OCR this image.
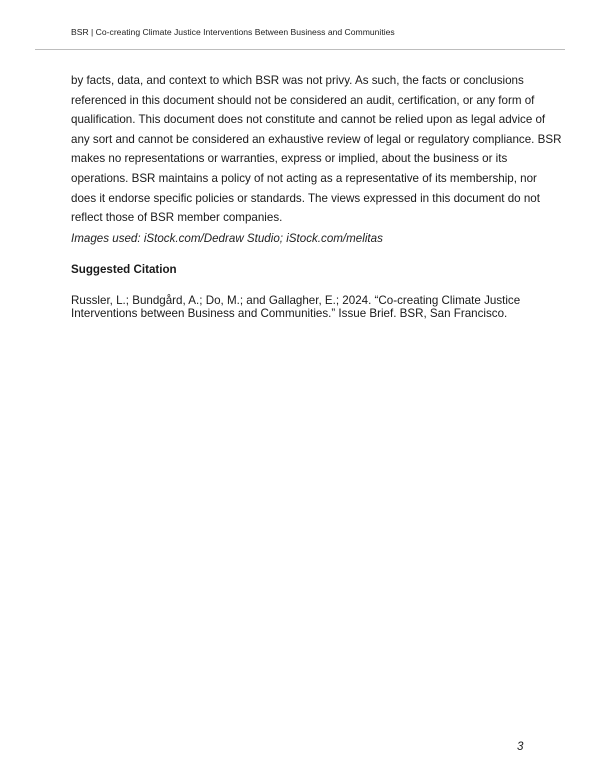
BSR | Co-creating Climate Justice Interventions Between Business and Communities

by facts, data, and context to which BSR was not privy. As such, the facts or conclusions
referenced in this document should not be considered an audit, certification, or any form of
qualification. This document does not constitute and cannot be relied upon as legal advice of
any sort and cannot be considered an exhaustive review of legal or regulatory compliance. BSR
makes no representations or warranties, express or implied, about the business or its
operations. BSR maintains a policy of not acting as a representative of its membership, nor
does it endorse specific policies or standards. The views expressed in this document do not
reflect those of BSR member companies.

Images used: iStock.com/Dedraw Studio; iStock.com/melitas

Suggested Citation

Russler, L.; Bundgård, A.; Do, M.; and Gallagher, E.; 2024. “Co-creating Climate Justice
Interventions between Business and Communities.” Issue Brief. BSR, San Francisco.

3
